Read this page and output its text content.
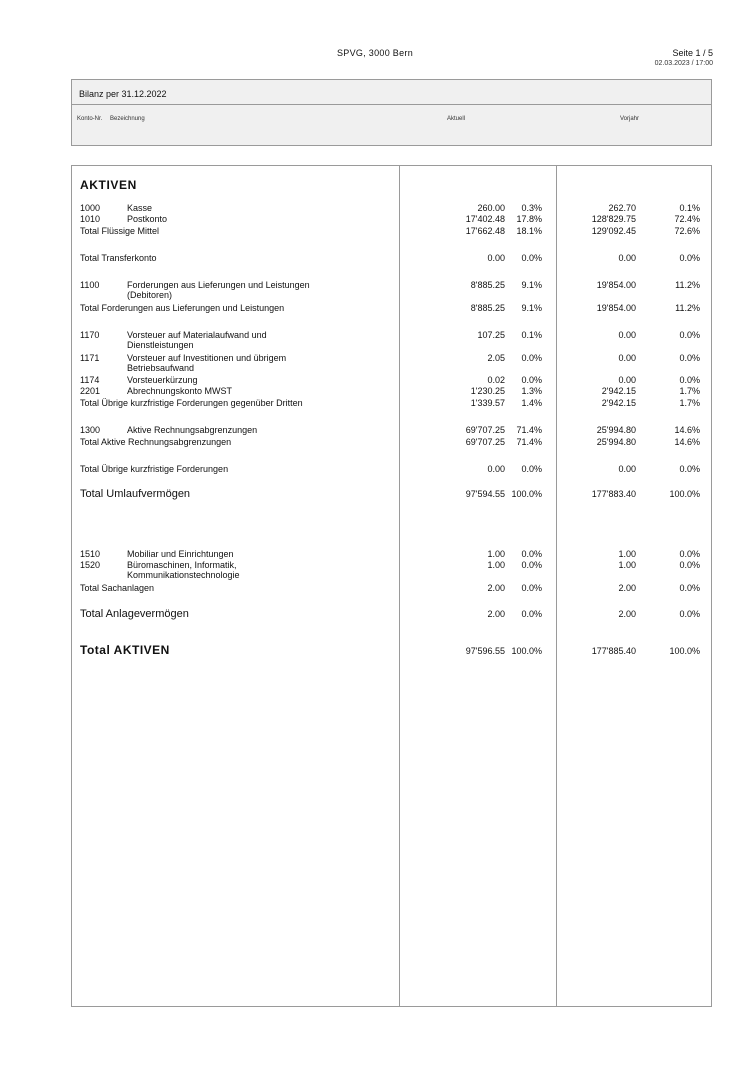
SPVG, 3000 Bern	Seite 1 / 5
02.03.2023 / 17:00
Bilanz per 31.12.2022
Konto-Nr. Bezeichnung	Aktuell	Vorjahr
AKTIVEN
1000	Kasse	260.00 0.3%	262.70	0.1%
1010	Postkonto	17'402.48 17.8%	128'829.75	72.4%
Total Flüssige Mittel	17'662.48 18.1%	129'092.45	72.6%
Total Transferkonto	0.00 0.0%	0.00	0.0%
1100	Forderungen aus Lieferungen und Leistungen
(Debitoren)
8'885.25 9.1%	19'854.00	11.2%
Total Forderungen aus Lieferungen und Leistungen	8'885.25 9.1%	19'854.00	11.2%
1170	Vorsteuer auf Materialaufwand und
Dienstleistungen
107.25 0.1%	0.00	0.0%
1171	Vorsteuer auf Investitionen und übrigem
Betriebsaufwand
2.05 0.0%	0.00	0.0%
1174	Vorsteuerkürzung	0.02 0.0%	0.00	0.0%
2201	Abrechnungskonto MWST	1'230.25 1.3%	2'942.15	1.7%
Total Übrige kurzfristige Forderungen gegenüber Dritten	1'339.57 1.4%	2'942.15	1.7%
1300	Aktive Rechnungsabgrenzungen	69'707.25 71.4%	25'994.80	14.6%
Total Aktive Rechnungsabgrenzungen	69'707.25 71.4%	25'994.80	14.6%
Total Übrige kurzfristige Forderungen	0.00 0.0%	0.00	0.0%
Total Umlaufvermögen	97'594.55 100.0%	177'883.40	100.0%
1510	Mobiliar und Einrichtungen	1.00 0.0%	1.00	0.0%
1520	Büromaschinen, Informatik,
Kommunikationstechnologie
1.00 0.0%	1.00	0.0%
Total Sachanlagen	2.00 0.0%	2.00	0.0%
Total Anlagevermögen	2.00 0.0%	2.00	0.0%
Total AKTIVEN	97'596.55 100.0%	177'885.40	100.0%
